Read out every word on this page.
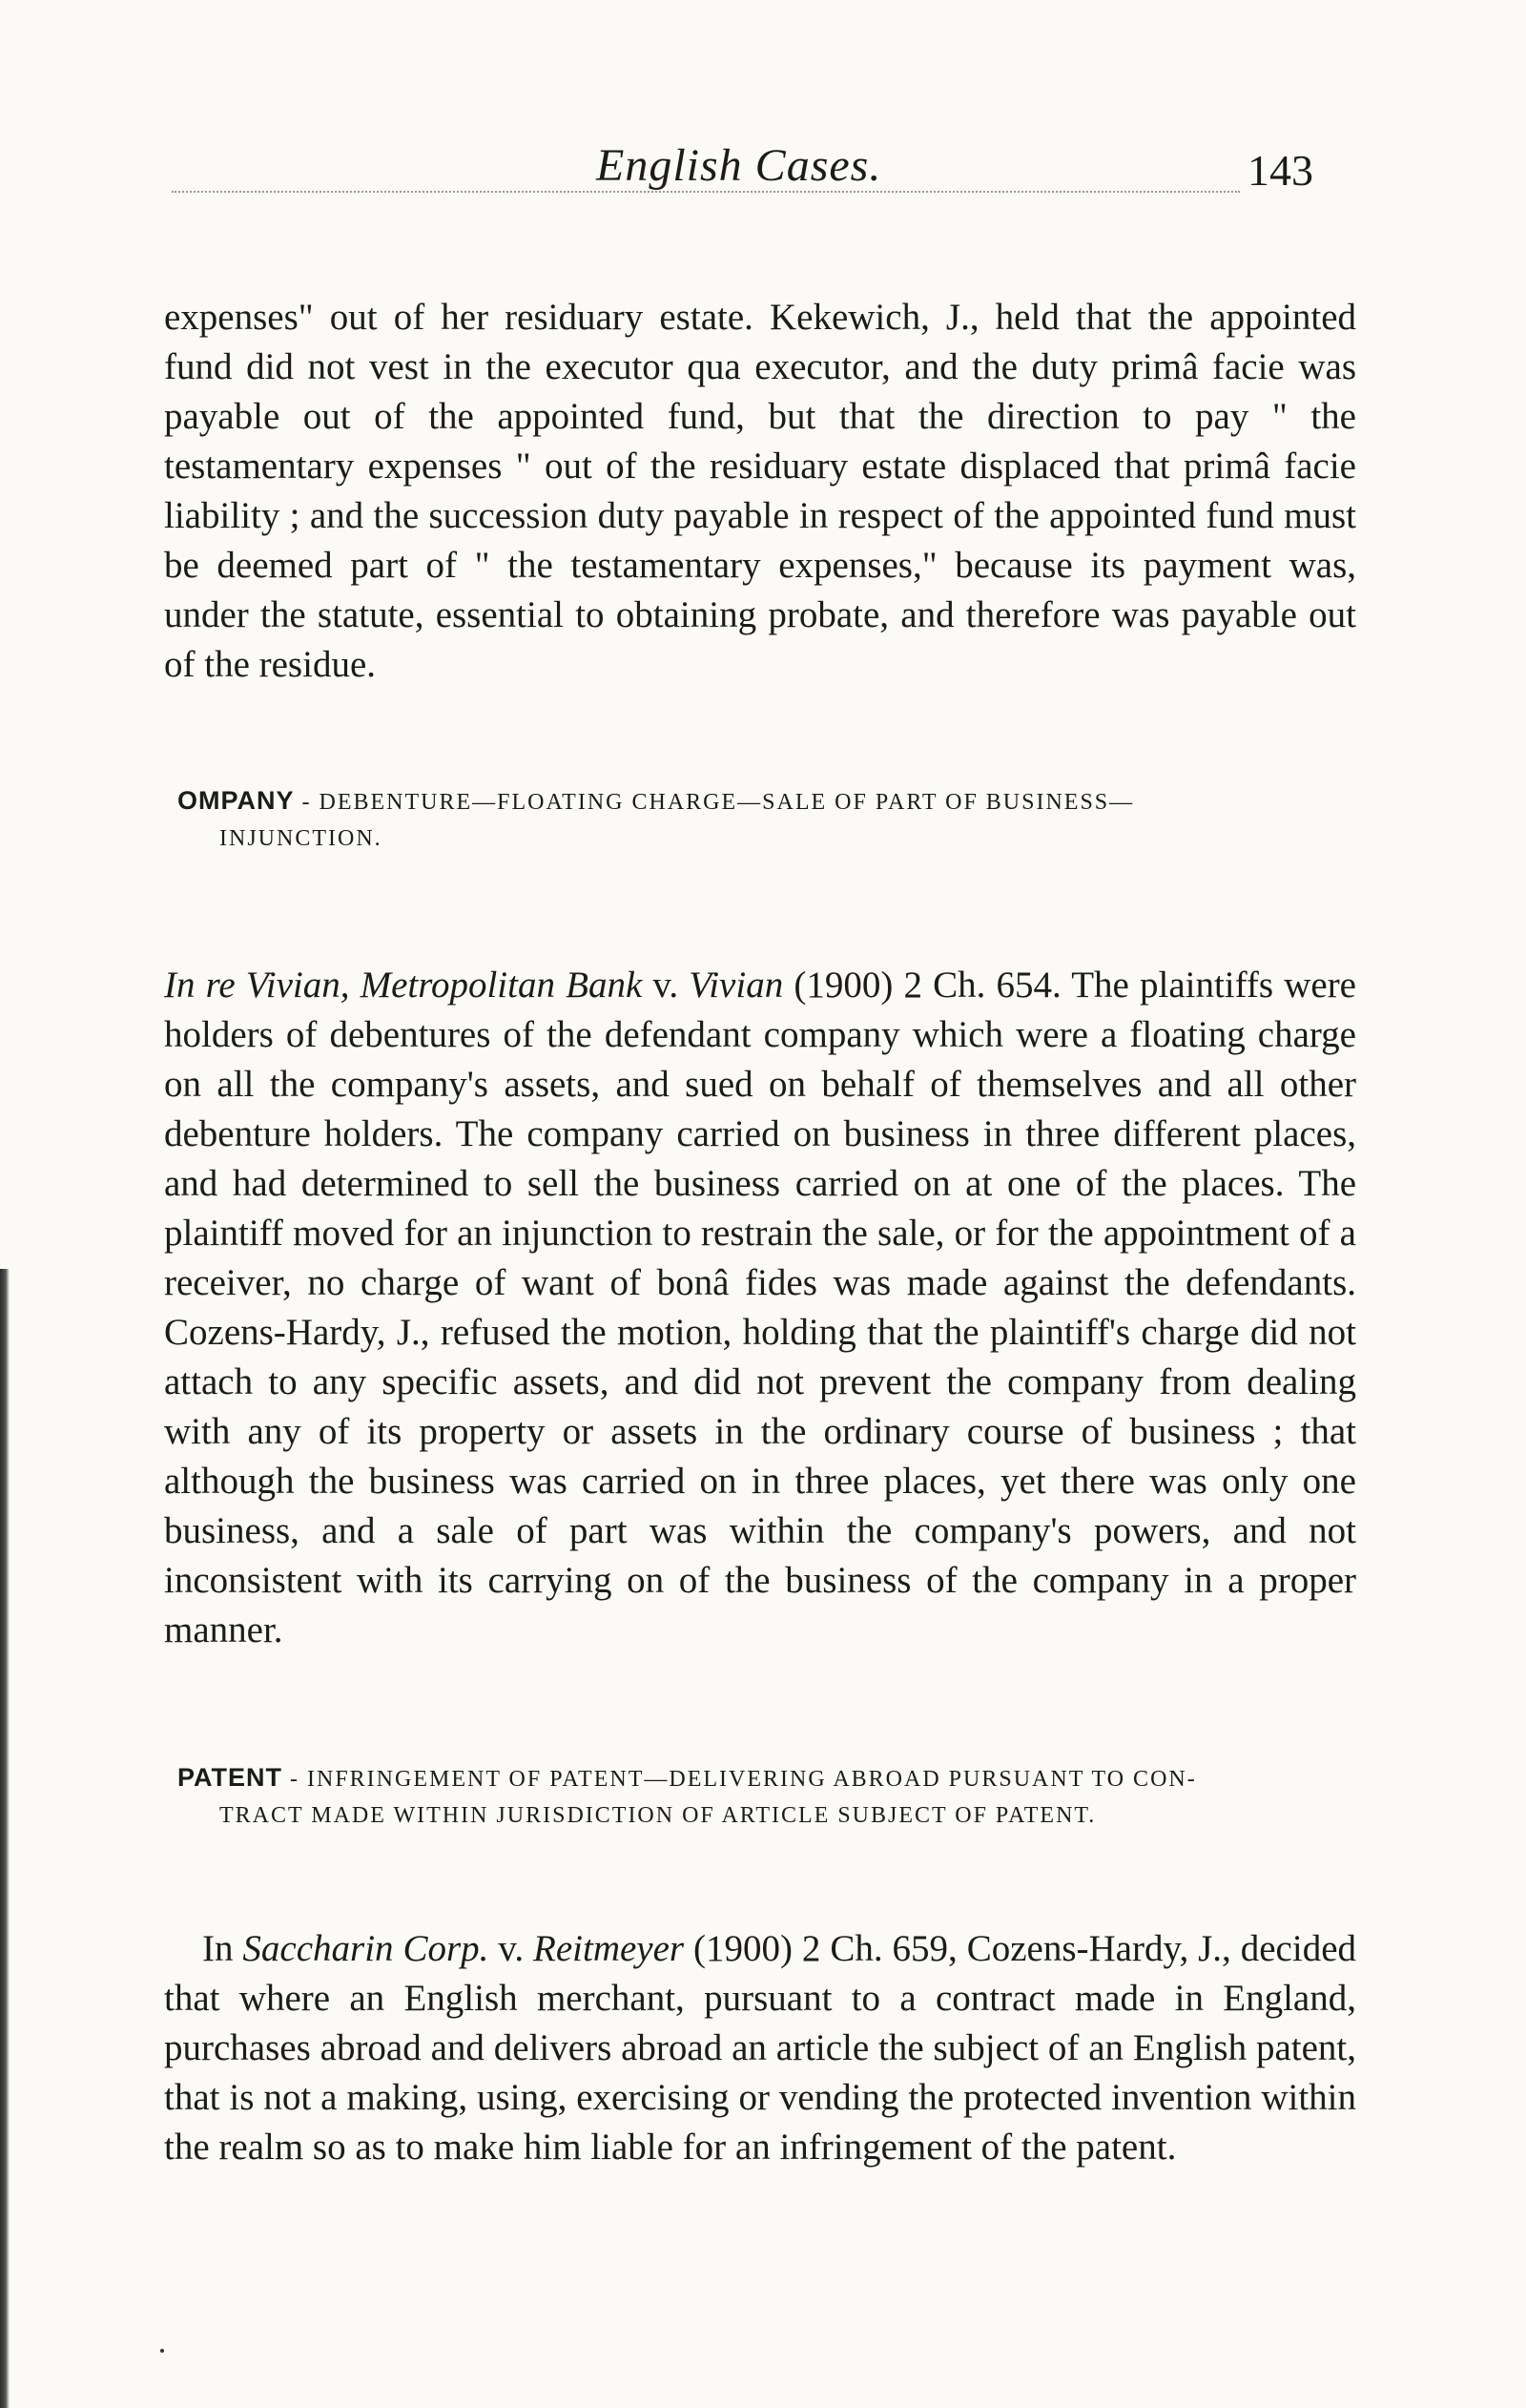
English Cases.	143

expenses" out of her residuary estate. Kekewich, J., held that the appointed fund did not vest in the executor qua executor, and the duty primâ facie was payable out of the appointed fund, but that the direction to pay " the testamentary expenses " out of the residuary estate displaced that primâ facie liability ; and the succession duty payable in respect of the appointed fund must be deemed part of " the testamentary expenses," because its payment was, under the statute, essential to obtaining probate, and therefore was payable out of the residue.

OMPANY - DEBENTURE—FLOATING CHARGE—SALE OF PART OF BUSINESS—
INJUNCTION.

In re Vivian, Metropolitan Bank v. Vivian (1900) 2 Ch. 654. The plaintiffs were holders of debentures of the defendant company which were a floating charge on all the company's assets, and sued on behalf of themselves and all other debenture holders. The company carried on business in three different places, and had determined to sell the business carried on at one of the places. The plaintiff moved for an injunction to restrain the sale, or for the appointment of a receiver, no charge of want of bonâ fides was made against the defendants. Cozens-Hardy, J., refused the motion, holding that the plaintiff's charge did not attach to any specific assets, and did not prevent the company from dealing with any of its property or assets in the ordinary course of business ; that although the business was carried on in three places, yet there was only one business, and a sale of part was within the company's powers, and not inconsistent with its carrying on of the business of the company in a proper manner.

PATENT - INFRINGEMENT OF PATENT—DELIVERING ABROAD PURSUANT TO CON-
TRACT MADE WITHIN JURISDICTION OF ARTICLE SUBJECT OF PATENT.

In Saccharin Corp. v. Reitmeyer (1900) 2 Ch. 659, Cozens-Hardy, J., decided that where an English merchant, pursuant to a contract made in England, purchases abroad and delivers abroad an article the subject of an English patent, that is not a making, using, exercising or vending the protected invention within the realm so as to make him liable for an infringement of the patent.
